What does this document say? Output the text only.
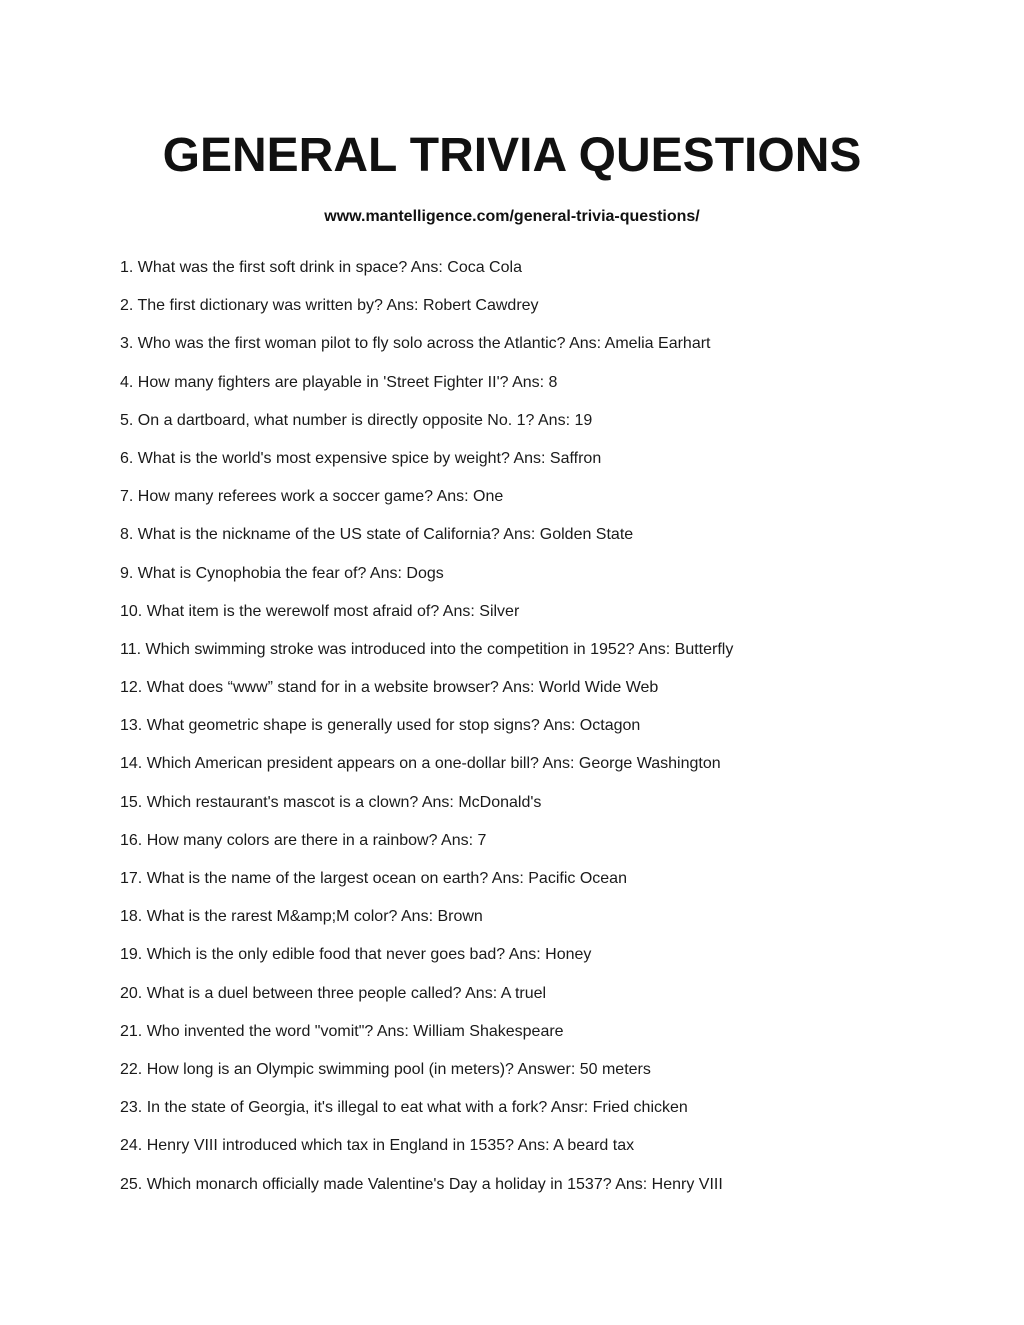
GENERAL TRIVIA QUESTIONS
www.mantelligence.com/general-trivia-questions/
1. What was the first soft drink in space? Ans: Coca Cola
2. The first dictionary was written by? Ans: Robert Cawdrey
3. Who was the first woman pilot to fly solo across the Atlantic? Ans: Amelia Earhart
4. How many fighters are playable in 'Street Fighter II'? Ans: 8
5. On a dartboard, what number is directly opposite No. 1? Ans: 19
6. What is the world's most expensive spice by weight? Ans: Saffron
7. How many referees work a soccer game? Ans: One
8. What is the nickname of the US state of California? Ans: Golden State
9. What is Cynophobia the fear of? Ans: Dogs
10. What item is the werewolf most afraid of? Ans: Silver
11. Which swimming stroke was introduced into the competition in 1952? Ans: Butterfly
12. What does “www” stand for in a website browser? Ans: World Wide Web
13. What geometric shape is generally used for stop signs? Ans: Octagon
14. Which American president appears on a one-dollar bill? Ans: George Washington
15. Which restaurant's mascot is a clown? Ans: McDonald's
16. How many colors are there in a rainbow? Ans: 7
17. What is the name of the largest ocean on earth? Ans: Pacific Ocean
18. What is the rarest M&amp;M color? Ans: Brown
19. Which is the only edible food that never goes bad? Ans: Honey
20. What is a duel between three people called? Ans: A truel
21. Who invented the word "vomit"? Ans: William Shakespeare
22. How long is an Olympic swimming pool (in meters)? Answer: 50 meters
23. In the state of Georgia, it's illegal to eat what with a fork? Ansr: Fried chicken
24. Henry VIII introduced which tax in England in 1535? Ans: A beard tax
25. Which monarch officially made Valentine's Day a holiday in 1537? Ans: Henry VIII
